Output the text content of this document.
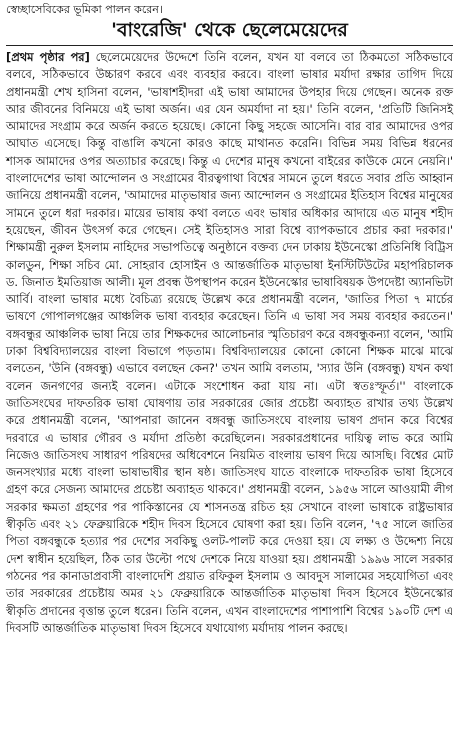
স্বেচ্ছাসেবিকের ভূমিকা পালন করেন।
'বাংরেজি' থেকে ছেলেমেয়েদের

[প্রথম পৃষ্ঠার পর] ছেলেমেয়েদের উদ্দেশে তিনি বলেন, যখন যা বলবে তা ঠিকমতো সঠিকভাবে বলবে, সঠিকভাবে উচ্চারণ করবে এবং ব্যবহার করবে। বাংলা ভাষার মর্যাদা রক্ষার তাগিদ দিয়ে প্রধানমন্ত্রী শেখ হাসিনা বলেন, 'ভাষাশহীদরা এই ভাষা আমাদের উপহার দিয়ে গেছেন। অনেক রক্ত আর জীবনের বিনিময়ে এই ভাষা অর্জন। এর যেন অমর্যাদা না হয়।' তিনি বলেন, 'প্রতিটি জিনিসই আমাদের সংগ্রাম করে অর্জন করতে হয়েছে। কোনো কিছু সহজে আসেনি। বার বার আমাদের ওপর আঘাত এসেছে। কিন্তু বাঙালি কখনো কারও কাছে মাথানত করেনি। বিভিন্ন সময় বিভিন্ন ধরনের শাসক আমাদের ওপর অত্যাচার করেছে। কিন্তু এ দেশের মানুষ কখনো বাইরের কাউকে মেনে নেয়নি।' বাংলাদেশের ভাষা আন্দোলন ও সংগ্রামের বীরত্বগাথা বিশ্বের সামনে তুলে ধরতে সবার প্রতি আহ্বান জানিয়ে প্রধানমন্ত্রী বলেন, 'আমাদের মাতৃভাষার জন্য আন্দোলন ও সংগ্রামের ইতিহাস বিশ্বের মানুষের সামনে তুলে ধরা দরকার। মায়ের ভাষায় কথা বলতে এবং ভাষার অধিকার আদায়ে এত মানুষ শহীদ হয়েছেন, জীবন উৎসর্গ করে গেছেন। সেই ইতিহাসও সারা বিশ্বে ব্যাপকভাবে প্রচার করা দরকার।' শিক্ষামন্ত্রী নুরুল ইসলাম নাহিদের সভাপতিত্বে অনুষ্ঠানে বক্তব্য দেন ঢাকায় ইউনেস্কো প্রতিনিধি বিট্রিস কালডুন, শিক্ষা সচিব মো. সোহরাব হোসাইন ও আন্তর্জাতিক মাতৃভাষা ইনস্টিটিউটের মহাপরিচালক ড. জিনাত ইমতিয়াজ আলী। মূল প্রবন্ধ উপস্থাপন করেন ইউনেস্কোর ভাষাবিষয়ক উপদেষ্টা অ্যানভিটা আর্বি। বাংলা ভাষার মধ্যে বৈচিত্র্য রয়েছে উল্লেখ করে প্রধানমন্ত্রী বলেন, 'জাতির পিতা ৭ মার্চের ভাষণে গোপালগঞ্জের আঞ্চলিক ভাষা ব্যবহার করেছেন। তিনি এ ভাষা সব সময় ব্যবহার করতেন।' বঙ্গবন্ধুর আঞ্চলিক ভাষা নিয়ে তার শিক্ষকদের আলোচনার স্মৃতিচারণ করে বঙ্গবন্ধুকন্যা বলেন, 'আমি ঢাকা বিশ্ববিদ্যালয়ের বাংলা বিভাগে পড়তাম। বিশ্ববিদ্যালয়ের কোনো কোনো শিক্ষক মাঝে মাঝে বলতেন, 'উনি (বঙ্গবন্ধু) এভাবে বলছেন কেন?' তখন আমি বলতাম, 'স্যার উনি (বঙ্গবন্ধু) যখন কথা বলেন জনগণের জন্যই বলেন। এটাকে সংশোধন করা যায় না। এটা স্বতঃস্ফূর্ত।'' বাংলাকে জাতিসংঘের দাফতরিক ভাষা ঘোষণায় তার সরকারের জোর প্রচেষ্টা অব্যাহত রাখার তথ্য উল্লেখ করে প্রধানমন্ত্রী বলেন, 'আপনারা জানেন বঙ্গবন্ধু জাতিসংঘে বাংলায় ভাষণ প্রদান করে বিশ্বের দরবারে এ ভাষার গৌরব ও মর্যাদা প্রতিষ্ঠা করেছিলেন। সরকারপ্রধানের দায়িত্ব লাভ করে আমি নিজেও জাতিসংঘ সাধারণ পরিষদের অধিবেশনে নিয়মিত বাংলায় ভাষণ দিয়ে আসছি। বিশ্বের মোট জনসংখ্যার মধ্যে বাংলা ভাষাভাষীর স্থান ষষ্ঠ। জাতিসংঘ যাতে বাংলাকে দাফতরিক ভাষা হিসেবে গ্রহণ করে সেজন্য আমাদের প্রচেষ্টা অব্যাহত থাকবে।' প্রধানমন্ত্রী বলেন, ১৯৫৬ সালে আওয়ামী লীগ সরকার ক্ষমতা গ্রহণের পর পাকিস্তানের যে শাসনতন্ত্র রচিত হয় সেখানে বাংলা ভাষাকে রাষ্ট্রভাষার স্বীকৃতি এবং ২১ ফেব্রুয়ারিকে শহীদ দিবস হিসেবে ঘোষণা করা হয়। তিনি বলেন, '৭৫ সালে জাতির পিতা বঙ্গবন্ধুকে হত্যার পর দেশের সবকিছু ওলট-পালট করে দেওয়া হয়। যে লক্ষ্য ও উদ্দেশ্য নিয়ে দেশ স্বাধীন হয়েছিল, ঠিক তার উল্টো পথে দেশকে নিয়ে যাওয়া হয়। প্রধানমন্ত্রী ১৯৯৬ সালে সরকার গঠনের পর কানাডাপ্রবাসী বাংলাদেশি প্রয়াত রফিকুল ইসলাম ও আবদুস সালামের সহযোগিতা এবং তার সরকারের প্রচেষ্টায় অমর ২১ ফেব্রুয়ারিকে আন্তর্জাতিক মাতৃভাষা দিবস হিসেবে ইউনেস্কোর স্বীকৃতি প্রদানের বৃত্তান্ত তুলে ধরেন। তিনি বলেন, এখন বাংলাদেশের পাশাপাশি বিশ্বের ১৯০টি দেশ এ দিবসটি আন্তর্জাতিক মাতৃভাষা দিবস হিসেবে যথাযোগ্য মর্যাদায় পালন করছে।
